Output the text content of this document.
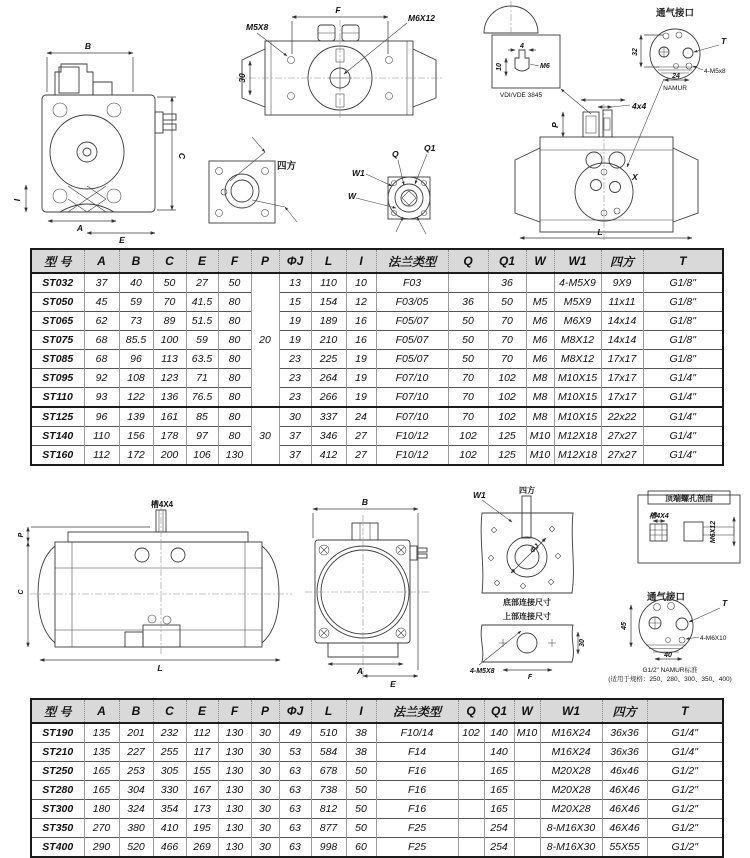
B
C
I
A
E
F
M6X12
M5X8
30
四方
Q1
Q
W1
W
4
M6
10
VDI/VDE 3845
通气接口
32
24
NAMUR
T
4-M5x8
4x4
P
X
L
型 号	A	B	C	E	F	P	ΦJ	L	I	法兰类型	Q	Q1	W	W1	四方	T
ST032	37	40	50	27	50	20	13	110	10	F03		36		4-M5X9	9X9	G1/8"
ST050	45	59	70	41.5	80		15	154	12	F03/05	36	50	M5	M5X9	11x11	G1/8"
ST065	62	73	89	51.5	80		19	189	16	F05/07	50	70	M6	M6X9	14x14	G1/8"
ST075	68	85.5	100	59	80		19	210	16	F05/07	50	70	M6	M8X12	14x14	G1/8"
ST085	68	96	113	63.5	80		23	225	19	F05/07	50	70	M6	M8X12	17x17	G1/8"
ST095	92	108	123	71	80		23	264	19	F07/10	70	102	M8	M10X15	17x17	G1/4"
ST110	93	122	136	76.5	80		23	266	19	F07/10	70	102	M8	M10X15	17x17	G1/4"
ST125	96	139	161	85	80	30	30	337	24	F07/10	70	102	M8	M10X15	22x22	G1/4"
ST140	110	156	178	97	80		37	346	27	F10/12	102	125	M10	M12X18	27x27	G1/4"
ST160	112	172	200	106	130		37	412	27	F10/12	102	125	M10	M12X18	27x27	G1/4"
槽4X4
P
C
L
B
A
E
W1	四方
ΦJ
底部连接尺寸
上部连接尺寸
4-M5X8
F
30
顶端螺孔剖面
槽4X4
M6X12
通气接口
45
40
T
4-M6X10
G1/2" NAMUR标准
(适用于规格：250、280、300、350、400)
型 号	A	B	C	E	F	P	ΦJ	L	I	法兰类型	Q	Q1	W	W1	四方	T
ST190	135	201	232	112	130	30	49	510	38	F10/14	102	140	M10	M16X24	36x36	G1/4"
ST210	135	227	255	117	130	30	53	584	38	F14		140		M16X24	36x36	G1/4"
ST250	165	253	305	155	130	30	63	678	50	F16		165		M20X28	46x46	G1/2"
ST280	165	304	330	167	130	30	63	738	50	F16		165		M20X28	46X46	G1/2"
ST300	180	324	354	173	130	30	63	812	50	F16		165		M20X28	46X46	G1/2"
ST350	270	380	410	195	130	30	63	877	50	F25		254		8-M16X30	46X46	G1/2"
ST400	290	520	466	269	130	30	63	998	60	F25		254		8-M16X30	55X55	G1/2"
